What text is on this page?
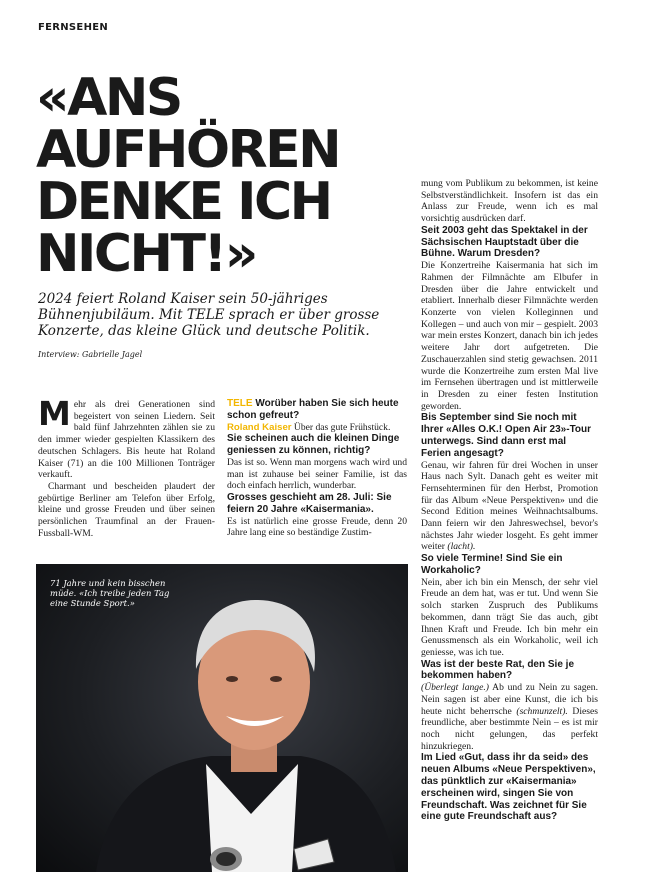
FERNSEHEN
«ANS
AUFHÖREN
DENKE ICH
NICHT!»
2024 feiert Roland Kaiser sein 50-jähriges Bühnenjubiläum. Mit TELE sprach er über grosse Konzerte, das kleine Glück und deutsche Politik.
Interview: Gabrielle Jagel

Mehr als drei Generationen sind begeistert von seinen Liedern. Seit bald fünf Jahrzehnten zählen sie zu den immer wieder gespielten Klassikern des deutschen Schlagers. Bis heute hat Roland Kaiser (71) an die 100 Millionen Tonträger verkauft.

Charmant und bescheiden plaudert der gebürtige Berliner am Telefon über Erfolg, kleine und grosse Freuden und über seinen persönlichen Traumfinal an der Frauen-Fussball-WM.

TELE Worüber haben Sie sich heute schon gefreut?

Roland Kaiser Über das gute Frühstück.

Sie scheinen auch die kleinen Dinge geniessen zu können, richtig?

Das ist so. Wenn man morgens wach wird und man ist zuhause bei seiner Familie, ist das doch einfach herrlich, wunderbar.

Grosses geschieht am 28. Juli: Sie feiern 20 Jahre «Kaisermania».

Es ist natürlich eine grosse Freude, denn 20 Jahre lang eine so beständige Zustim-

mung vom Publikum zu bekommen, ist keine Selbstverständlichkeit. Insofern ist das ein Anlass zur Freude, wenn ich es mal vorsichtig ausdrücken darf.

Seit 2003 geht das Spektakel in der Sächsischen Hauptstadt über die Bühne. Warum Dresden?

Die Konzertreihe Kaisermania hat sich im Rahmen der Filmnächte am Elbufer in Dresden über die Jahre entwickelt und etabliert. Innerhalb dieser Filmnächte werden Konzerte von vielen Kolleginnen und Kollegen – und auch von mir – gespielt. 2003 war mein erstes Konzert, danach bin ich jedes weitere Jahr dort aufgetreten. Die Zuschauerzahlen sind stetig gewachsen. 2011 wurde die Konzertreihe zum ersten Mal live im Fernsehen übertragen und ist mittlerweile in Dresden zu einer festen Institution geworden.

Bis September sind Sie noch mit Ihrer «Alles O.K.! Open Air 23»-Tour unterwegs. Sind dann erst mal Ferien angesagt?

Genau, wir fahren für drei Wochen in unser Haus nach Sylt. Danach geht es weiter mit Fernsehterminen für den Herbst, Promotion für das Album «Neue Perspektiven» und die Second Edition meines Weihnachtsalbums. Dann feiern wir den Jahreswechsel, bevor's nächstes Jahr wieder losgeht. Es geht immer weiter (lacht).

So viele Termine! Sind Sie ein Workaholic?

Nein, aber ich bin ein Mensch, der sehr viel Freude an dem hat, was er tut. Und wenn Sie solch starken Zuspruch des Publikums bekommen, dann trägt Sie das auch, gibt Ihnen Kraft und Freude. Ich bin mehr ein Genussmensch als ein Workaholic, weil ich geniesse, was ich tue.

Was ist der beste Rat, den Sie je bekommen haben?

(Überlegt lange.) Ab und zu Nein zu sagen. Nein sagen ist aber eine Kunst, die ich bis heute nicht beherrsche (schmunzelt). Dieses freundliche, aber bestimmte Nein – es ist mir noch nicht gelungen, das perfekt hinzukriegen.

Im Lied «Gut, dass ihr da seid» des neuen Albums «Neue Perspektiven», das pünktlich zur «Kaisermania» erscheinen wird, singen Sie von Freundschaft. Was zeichnet für Sie eine gute Freundschaft aus?

71 Jahre und kein bisschen müde. «Ich treibe jeden Tag eine Stunde Sport.»
